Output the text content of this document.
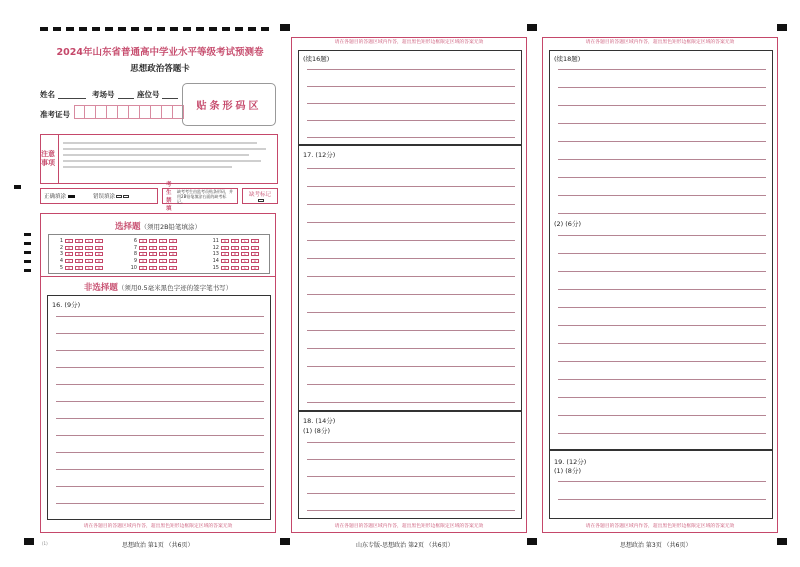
2024年山东省普通高中学业水平等级考试预测卷
思想政治答题卡
姓名	考场号	座位号
准考证号
贴条形码区
注意事项
正确填涂	错误填涂
考生禁填
缺考考生由监考员贴条形码，并用2B铅笔填涂右面的缺考标记。
缺考标记
选择题（须用2B铅笔填涂）
1	A	B	C	D
2	A	B	C	D
3	A	B	C	D
4	A	B	C	D
5	A	B	C	D
6	A	B	C	D
7	A	B	C	D
8	A	B	C	D
9	A	B	C	D
10	A	B	C	D
11	A	B	C	D
12	A	B	C	D
13	A	B	C	D
14	A	B	C	D
15	A	B	C	D
非选择题（须用0.5毫米黑色字迹的签字笔书写）
16. (9分)
请在各题目的答题区域内作答，超出黑色矩形边框限定区域的答案无效
(1)	思想政治 第1页 （共6页）
请在各题目的答题区域内作答，超出黑色矩形边框限定区域的答案无效
(续16题)
17. (12分)
18. (14分)
(1) (8分)
请在各题目的答题区域内作答，超出黑色矩形边框限定区域的答案无效
山东专版-思想政治 第2页 （共6页）
请在各题目的答题区域内作答，超出黑色矩形边框限定区域的答案无效
(续18题)
(2) (6分)
19. (12分)
(1) (8分)
请在各题目的答题区域内作答，超出黑色矩形边框限定区域的答案无效
思想政治 第3页 （共6页）
